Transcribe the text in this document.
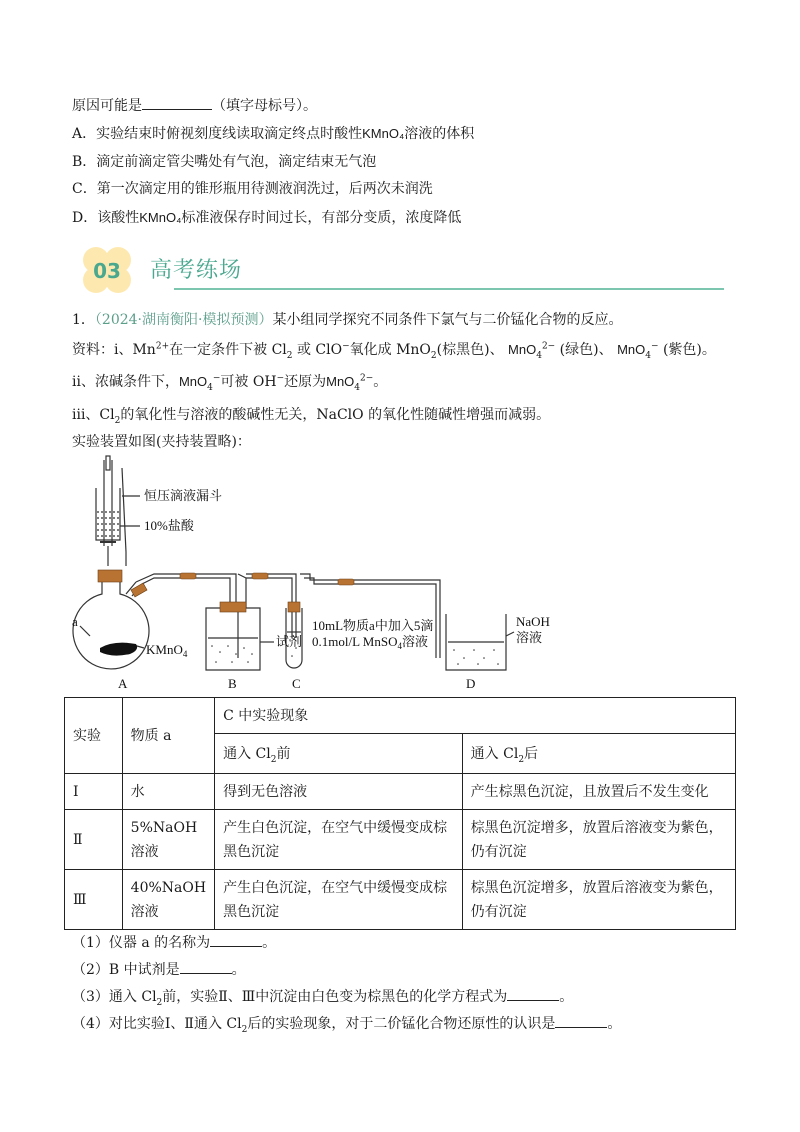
原因可能是	（填字母标号）。
A．实验结束时俯视刻度线读取滴定终点时酸性KMnO₄溶液的体积
B．滴定前滴定管尖嘴处有气泡，滴定结束无气泡
C．第一次滴定用的锥形瓶用待测液润洗过，后两次未润洗
D．该酸性KMnO₄标准液保存时间过长，有部分变质，浓度降低
03 高考练场
1．（2024·湖南衡阳·模拟预测）某小组同学探究不同条件下氯气与二价锰化合物的反应。
资料：ⅰ、$Mn^{2+}$在一定条件下被 $Cl_2$ 或 ClO−氧化成 MnO$_2$(棕黑色)、 MnO$_4^{2-}$ (绿色)、 MnO$_4$− (紫色)。
ⅱ、浓碱条件下，MnO$_4$−可被 OH−还原为MnO$_4^{2-}$。
ⅲ、$Cl_2$的氧化性与溶液的酸碱性无关，NaClO 的氧化性随碱性增强而减弱。
实验装置如图(夹持装置略)：
恒压滴液漏斗
10%盐酸
a
KMnO$_4$
试剂
10mL物质a中加入5滴
0.1mol/L MnSO$_4$溶液
NaOH
溶液
A	B	C	D
实验	物质 a	C 中实验现象	
		通入 $Cl_2$前	通入 $Cl_2$后
Ⅰ	水	得到无色溶液	产生棕黑色沉淀，且放置后不发生变化
Ⅱ	5%NaOH 溶液	产生白色沉淀，在空气中缓慢变成棕黑色沉淀	棕黑色沉淀增多，放置后溶液变为紫色，仍有沉淀
Ⅲ	40%NaOH 溶液	产生白色沉淀，在空气中缓慢变成棕黑色沉淀	棕黑色沉淀增多，放置后溶液变为紫色，仍有沉淀
（1）仪器 a 的名称为	。
（2）B 中试剂是	。
（3）通入 $Cl_2$前，实验Ⅱ、Ⅲ中沉淀由白色变为棕黑色的化学方程式为	。
（4）对比实验Ⅰ、Ⅱ通入 $Cl_2$后的实验现象，对于二价锰化合物还原性的认识是	。
